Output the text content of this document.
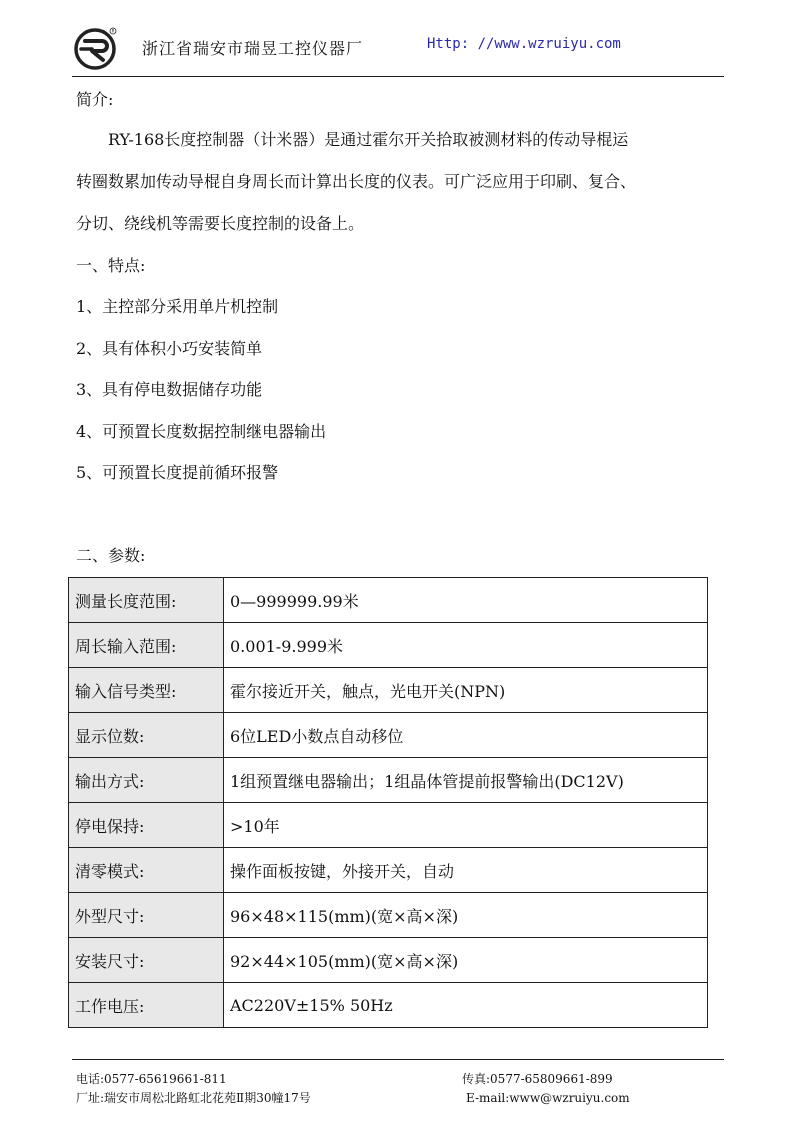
R
浙江省瑞安市瑞昱工控仪器厂	Http: //www.wzruiyu.com
简介:
RY-168长度控制器（计米器）是通过霍尔开关拾取被测材料的传动导棍运
转圈数累加传动导棍自身周长而计算出长度的仪表。可广泛应用于印刷、复合、
分切、绕线机等需要长度控制的设备上。
一、特点:
1、主控部分采用单片机控制
2、具有体积小巧安装简单
3、具有停电数据储存功能
4、可预置长度数据控制继电器输出
5、可预置长度提前循环报警
二、参数:
测量长度范围:	0—999999.99米
周长输入范围:	0.001-9.999米
输入信号类型:	霍尔接近开关，触点，光电开关(NPN)
显示位数:	6位LED小数点自动移位
输出方式:	1组预置继电器输出；1组晶体管提前报警输出(DC12V)
停电保持:	>10年
清零模式:	操作面板按键，外接开关，自动
外型尺寸:	96×48×115(mm)(宽×高×深)
安装尺寸:	92×44×105(mm)(宽×高×深)
工作电压:	AC220V±15% 50Hz
电话:0577-65619661-811	传真:0577-65809661-899
厂址:瑞安市周松北路虹北花苑Ⅱ期30幢17号	E-mail:www@wzruiyu.com
